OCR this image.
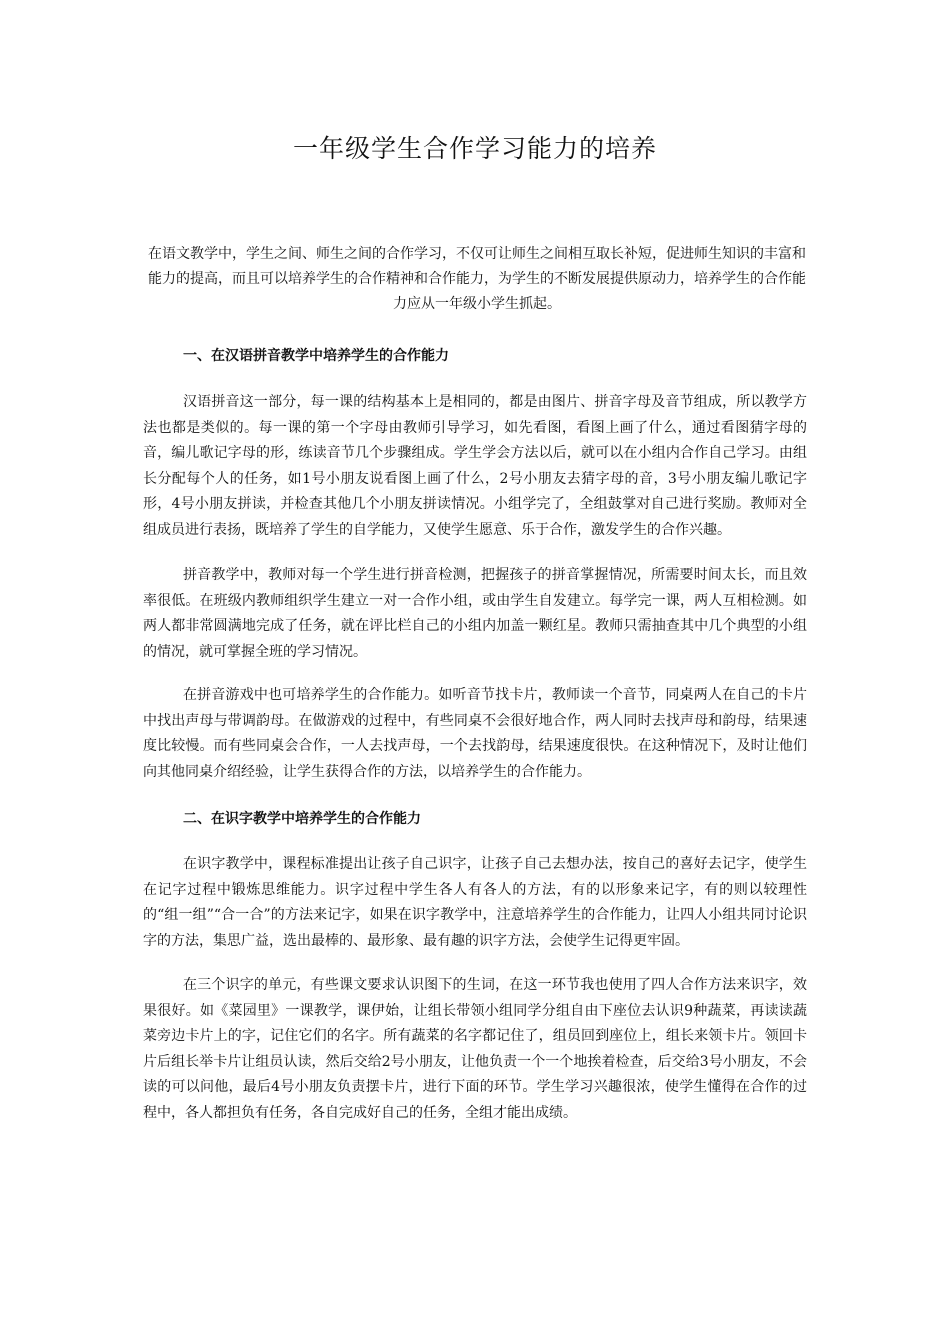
一年级学生合作学习能力的培养

在语文教学中，学生之间、师生之间的合作学习，不仅可让师生之间相互取长补短，促进师生知识的丰富和能力的提高，而且可以培养学生的合作精神和合作能力，为学生的不断发展提供原动力，培养学生的合作能力应从一年级小学生抓起。

一、在汉语拼音教学中培养学生的合作能力

汉语拼音这一部分，每一课的结构基本上是相同的，都是由图片、拼音字母及音节组成，所以教学方法也都是类似的。每一课的第一个字母由教师引导学习，如先看图，看图上画了什么，通过看图猜字母的音，编儿歌记字母的形，练读音节几个步骤组成。学生学会方法以后，就可以在小组内合作自己学习。由组长分配每个人的任务，如1号小朋友说看图上画了什么，2号小朋友去猜字母的音，3号小朋友编儿歌记字形，4号小朋友拼读，并检查其他几个小朋友拼读情况。小组学完了，全组鼓掌对自己进行奖励。教师对全组成员进行表扬，既培养了学生的自学能力，又使学生愿意、乐于合作，激发学生的合作兴趣。

拼音教学中，教师对每一个学生进行拼音检测，把握孩子的拼音掌握情况，所需要时间太长，而且效率很低。在班级内教师组织学生建立一对一合作小组，或由学生自发建立。每学完一课，两人互相检测。如两人都非常圆满地完成了任务，就在评比栏自己的小组内加盖一颗红星。教师只需抽查其中几个典型的小组的情况，就可掌握全班的学习情况。

在拼音游戏中也可培养学生的合作能力。如听音节找卡片，教师读一个音节，同桌两人在自己的卡片中找出声母与带调韵母。在做游戏的过程中，有些同桌不会很好地合作，两人同时去找声母和韵母，结果速度比较慢。而有些同桌会合作，一人去找声母，一个去找韵母，结果速度很快。在这种情况下，及时让他们向其他同桌介绍经验，让学生获得合作的方法，以培养学生的合作能力。

二、在识字教学中培养学生的合作能力

在识字教学中，课程标准提出让孩子自己识字，让孩子自己去想办法，按自己的喜好去记字，使学生在记字过程中锻炼思维能力。识字过程中学生各人有各人的方法，有的以形象来记字，有的则以较理性的“组一组”“合一合”的方法来记字，如果在识字教学中，注意培养学生的合作能力，让四人小组共同讨论识字的方法，集思广益，选出最棒的、最形象、最有趣的识字方法，会使学生记得更牢固。

在三个识字的单元，有些课文要求认识图下的生词，在这一环节我也使用了四人合作方法来识字，效果很好。如《菜园里》一课教学，课伊始，让组长带领小组同学分组自由下座位去认识9种蔬菜，再读读蔬菜旁边卡片上的字，记住它们的名字。所有蔬菜的名字都记住了，组员回到座位上，组长来领卡片。领回卡片后组长举卡片让组员认读，然后交给2号小朋友，让他负责一个一个地挨着检查，后交给3号小朋友，不会读的可以问他，最后4号小朋友负责摆卡片，进行下面的环节。学生学习兴趣很浓，使学生懂得在合作的过程中，各人都担负有任务，各自完成好自己的任务，全组才能出成绩。
